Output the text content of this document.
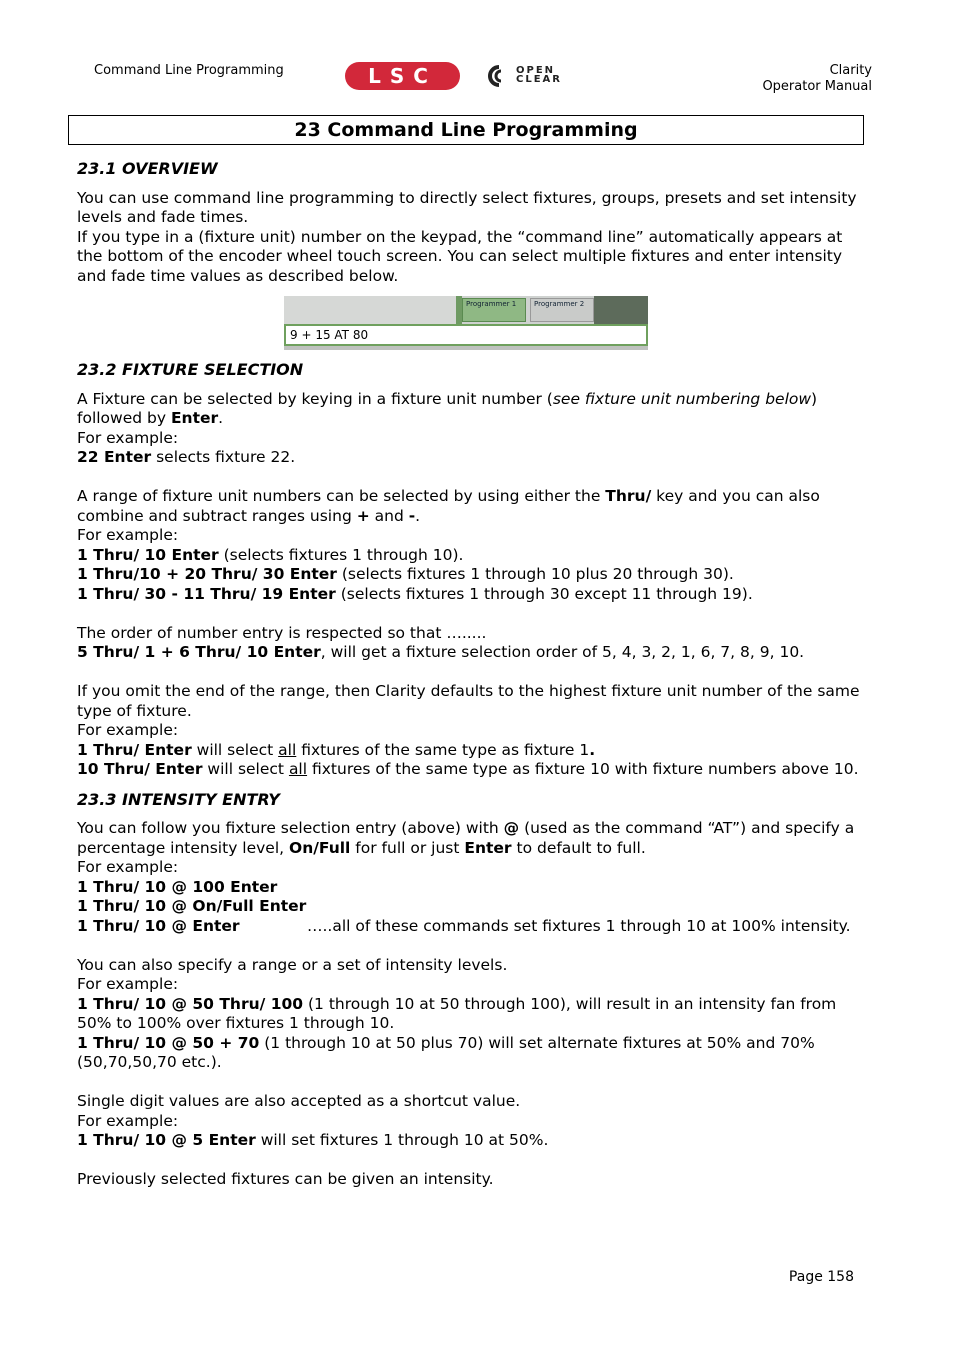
Command Line Programming	LSC	OPEN
CLEAR
Clarity
Operator Manual
23 Command Line Programming

23.1 OVERVIEW

You can use command line programming to directly select fixtures, groups, presets and set intensity levels and fade times.

If you type in a (fixture unit) number on the keypad, the “command line” automatically appears at the bottom of the encoder wheel touch screen. You can select multiple fixtures and enter intensity and fade time values as described below.

Programmer 1	Programmer 2
9 + 15 AT 80

23.2 FIXTURE SELECTION

A Fixture can be selected by keying in a fixture unit number (see fixture unit numbering below) followed by Enter.

For example:

22 Enter selects fixture 22.

A range of fixture unit numbers can be selected by using either the Thru/ key and you can also combine and subtract ranges using + and -.

For example:

1 Thru/ 10 Enter (selects fixtures 1 through 10).

1 Thru/10 + 20 Thru/ 30 Enter (selects fixtures 1 through 10 plus 20 through 30).

1 Thru/ 30 - 11 Thru/ 19 Enter (selects fixtures 1 through 30 except 11 through 19).

The order of number entry is respected so that ….....

5 Thru/ 1 + 6 Thru/ 10 Enter, will get a fixture selection order of 5, 4, 3, 2, 1, 6, 7, 8, 9, 10.

If you omit the end of the range, then Clarity defaults to the highest fixture unit number of the same type of fixture.

For example:

1 Thru/ Enter will select all fixtures of the same type as fixture 1.

10 Thru/ Enter will select all fixtures of the same type as fixture 10 with fixture numbers above 10.

23.3 INTENSITY ENTRY

You can follow you fixture selection entry (above) with @ (used as the command “AT”) and specify a percentage intensity level, On/Full for full or just Enter to default to full.

For example:

1 Thru/ 10 @ 100 Enter

1 Thru/ 10 @ On/Full Enter

1 Thru/ 10 @ Enter	…..all of these commands set fixtures 1 through 10 at 100% intensity.

You can also specify a range or a set of intensity levels.

For example:

1 Thru/ 10 @ 50 Thru/ 100 (1 through 10 at 50 through 100), will result in an intensity fan from 50% to 100% over fixtures 1 through 10.

1 Thru/ 10 @ 50 + 70 (1 through 10 at 50 plus 70) will set alternate fixtures at 50% and 70% (50,70,50,70 etc.).

Single digit values are also accepted as a shortcut value.

For example:

1 Thru/ 10 @ 5 Enter will set fixtures 1 through 10 at 50%.

Previously selected fixtures can be given an intensity.

Page 158
